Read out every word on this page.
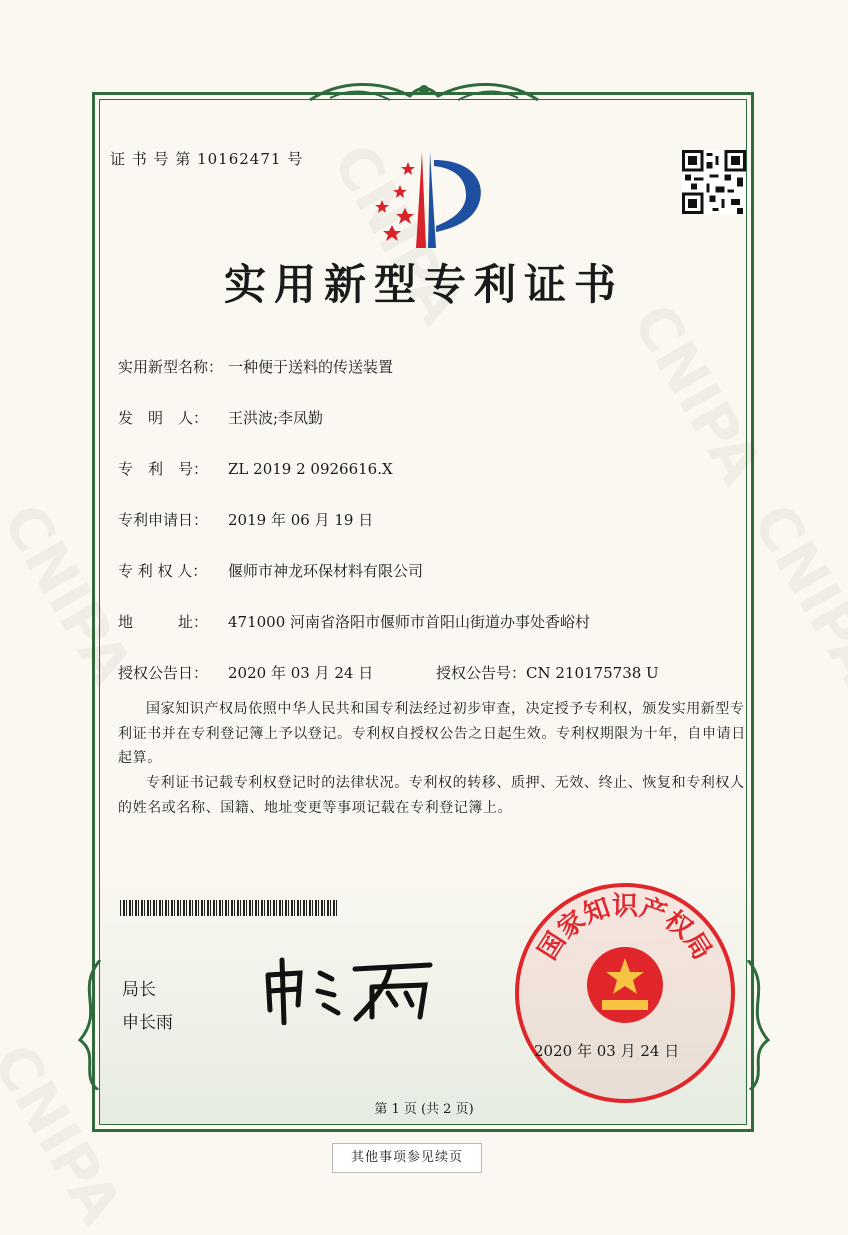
证 书 号 第 10162471 号
实用新型专利证书
实用新型名称： 一种便于送料的传送装置
发　明　人： 王洪波;李凤勤
专　利　号： ZL 2019 2 0926616.X
专利申请日： 2019 年 06 月 19 日
专 利 权 人： 偃师市神龙环保材料有限公司
地　　　址： 471000 河南省洛阳市偃师市首阳山街道办事处香峪村
授权公告日： 2020 年 03 月 24 日	授权公告号：CN 210175738 U
国家知识产权局依照中华人民共和国专利法经过初步审查，决定授予专利权，颁发实用新型专利证书并在专利登记簿上予以登记。专利权自授权公告之日起生效。专利权期限为十年，自申请日起算。
专利证书记载专利权登记时的法律状况。专利权的转移、质押、无效、终止、恢复和专利权人的姓名或名称、国籍、地址变更等事项记载在专利登记簿上。
局长
申长雨
国家知识产权局
2020 年 03 月 24 日
第 1 页 (共 2 页)
其他事项参见续页
